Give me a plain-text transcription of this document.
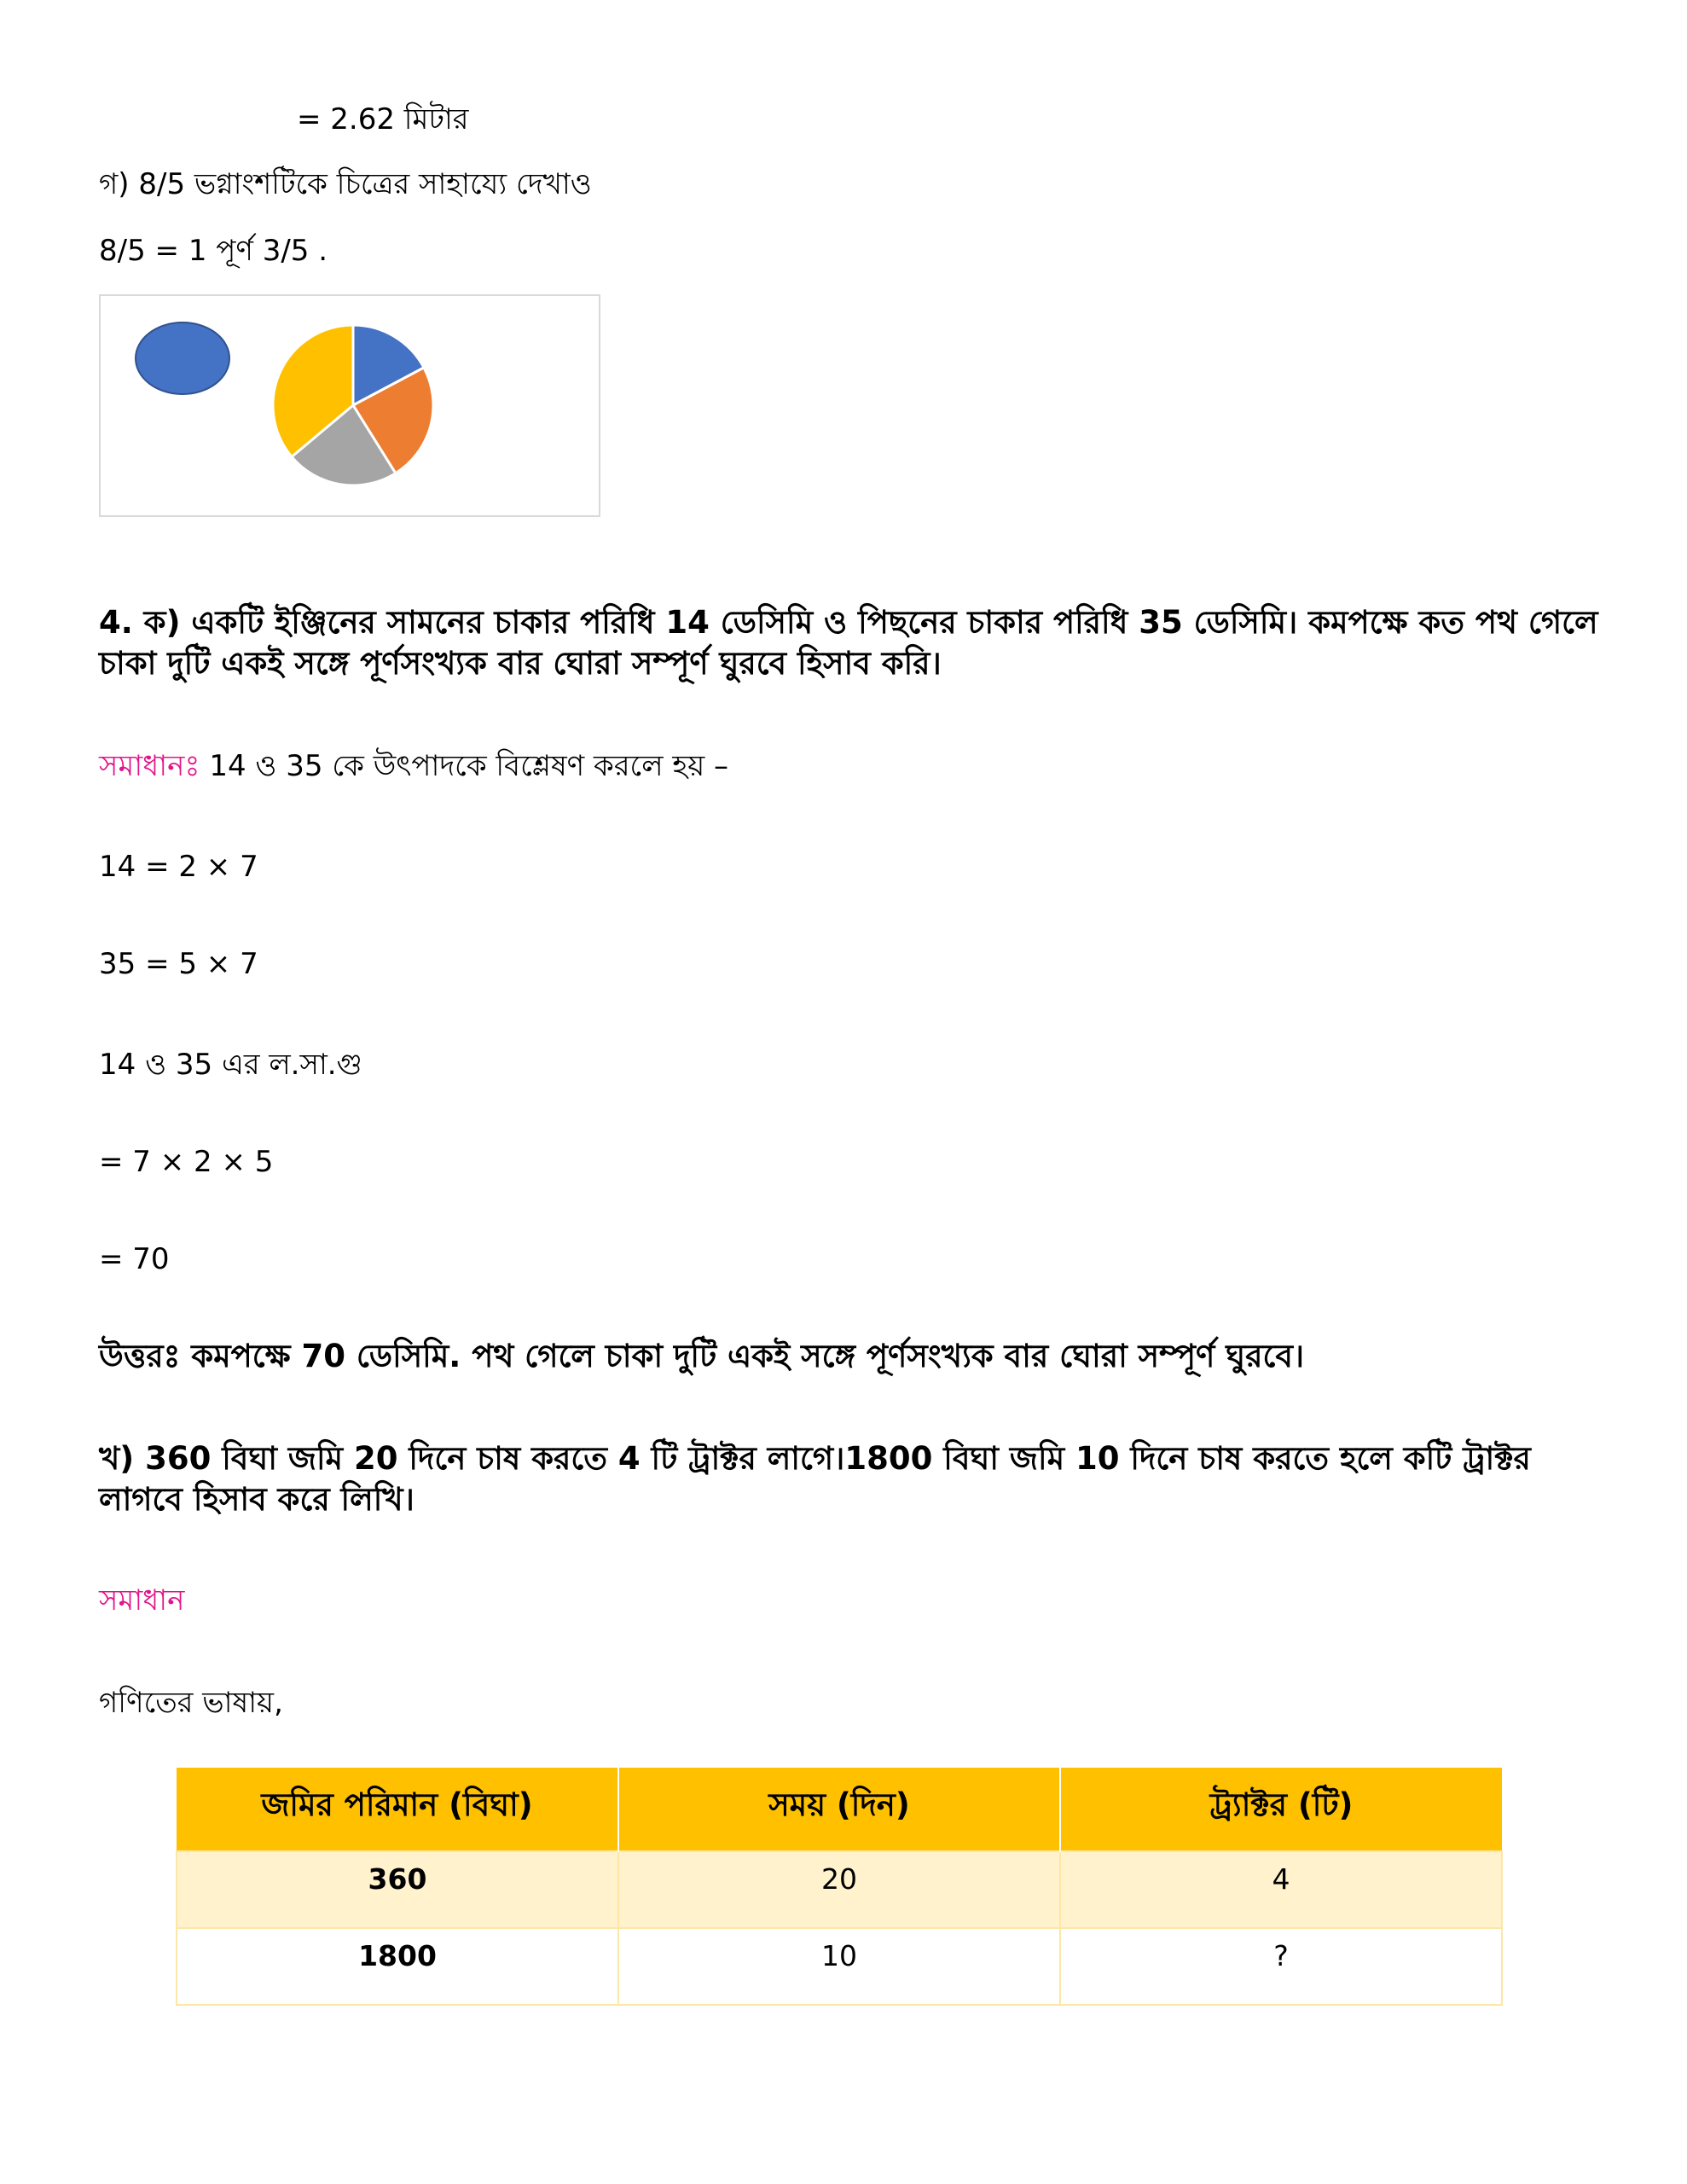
= 2.62 মিটার
গ) 8/5 ভগ্নাংশটিকে চিত্রের সাহায্যে দেখাও
8/5 = 1 পূর্ণ 3/5 .
4. ক) একটি ইঞ্জিনের সামনের চাকার পরিধি 14 ডেসিমি ও পিছনের চাকার পরিধি 35 ডেসিমি। কমপক্ষে কত পথ গেলে চাকা দুটি একই সঙ্গে পূর্ণসংখ্যক বার ঘোরা সম্পূর্ণ ঘুরবে হিসাব করি।
সমাধানঃ 14 ও 35 কে উৎপাদকে বিশ্লেষণ করলে হয় –
14 = 2 × 7
35 = 5 × 7
14 ও 35 এর ল.সা.গু
= 7 × 2 × 5
= 70
উত্তরঃ কমপক্ষে 70 ডেসিমি. পথ গেলে চাকা দুটি একই সঙ্গে পূর্ণসংখ্যক বার ঘোরা সম্পূর্ণ ঘুরবে।
খ) 360 বিঘা জমি 20 দিনে চাষ করতে 4 টি ট্রাক্টর লাগে।1800 বিঘা জমি 10 দিনে চাষ করতে হলে কটি ট্রাক্টর লাগবে হিসাব করে লিখি।
সমাধান
গণিতের ভাষায়,
জমির পরিমান (বিঘা)	সময় (দিন)	ট্র্যাক্টর (টি)
360	20	4
1800	10	?
